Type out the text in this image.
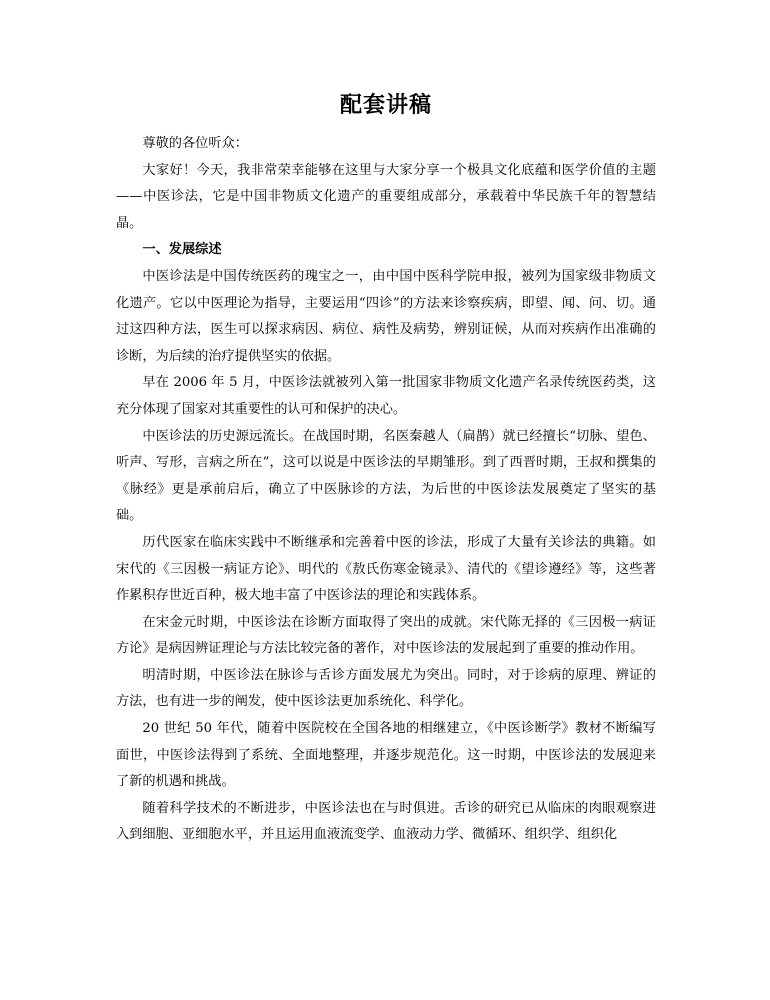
配套讲稿

尊敬的各位听众：

大家好！今天，我非常荣幸能够在这里与大家分享一个极具文化底蕴和医学价值的主题——中医诊法，它是中国非物质文化遗产的重要组成部分，承载着中华民族千年的智慧结晶。

一、发展综述

中医诊法是中国传统医药的瑰宝之一，由中国中医科学院申报，被列为国家级非物质文化遗产。它以中医理论为指导，主要运用“四诊”的方法来诊察疾病，即望、闻、问、切。通过这四种方法，医生可以探求病因、病位、病性及病势，辨别证候，从而对疾病作出准确的诊断，为后续的治疗提供坚实的依据。

早在 2006 年 5 月，中医诊法就被列入第一批国家非物质文化遗产名录传统医药类，这充分体现了国家对其重要性的认可和保护的决心。

中医诊法的历史源远流长。在战国时期，名医秦越人（扁鹊）就已经擅长“切脉、望色、听声、写形，言病之所在”，这可以说是中医诊法的早期雏形。到了西晋时期，王叔和撰集的《脉经》更是承前启后，确立了中医脉诊的方法，为后世的中医诊法发展奠定了坚实的基础。

历代医家在临床实践中不断继承和完善着中医的诊法，形成了大量有关诊法的典籍。如宋代的《三因极一病证方论》、明代的《敖氏伤寒金镜录》、清代的《望诊遵经》等，这些著作累积存世近百种，极大地丰富了中医诊法的理论和实践体系。

在宋金元时期，中医诊法在诊断方面取得了突出的成就。宋代陈无择的《三因极一病证方论》是病因辨证理论与方法比较完备的著作，对中医诊法的发展起到了重要的推动作用。

明清时期，中医诊法在脉诊与舌诊方面发展尤为突出。同时，对于诊病的原理、辨证的方法，也有进一步的阐发，使中医诊法更加系统化、科学化。

20 世纪 50 年代，随着中医院校在全国各地的相继建立，《中医诊断学》教材不断编写面世，中医诊法得到了系统、全面地整理，并逐步规范化。这一时期，中医诊法的发展迎来了新的机遇和挑战。

随着科学技术的不断进步，中医诊法也在与时俱进。舌诊的研究已从临床的肉眼观察进入到细胞、亚细胞水平，并且运用血液流变学、血液动力学、微循环、组织学、组织化
